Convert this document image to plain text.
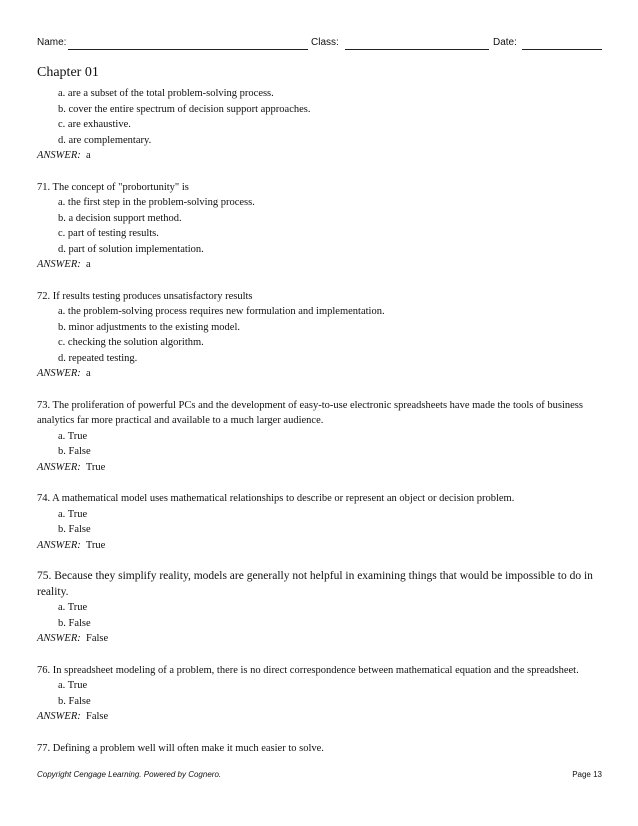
Name:	Class:	Date:
Chapter 01

a. are a subset of the total problem-solving process.

b. cover the entire spectrum of decision support approaches.

c. are exhaustive.

d. are complementary.

ANSWER: a

71. The concept of "probortunity" is

a. the first step in the problem-solving process.

b. a decision support method.

c. part of testing results.

d. part of solution implementation.

ANSWER: a

72. If results testing produces unsatisfactory results

a. the problem-solving process requires new formulation and implementation.

b. minor adjustments to the existing model.

c. checking the solution algorithm.

d. repeated testing.

ANSWER: a

73. The proliferation of powerful PCs and the development of easy-to-use electronic spreadsheets have made the tools of business analytics far more practical and available to a much larger audience.

a. True

b. False

ANSWER: True

74. A mathematical model uses mathematical relationships to describe or represent an object or decision problem.

a. True

b. False

ANSWER: True

75. Because they simplify reality, models are generally not helpful in examining things that would be impossible to do in reality.

a. True

b. False

ANSWER: False

76. In spreadsheet modeling of a problem, there is no direct correspondence between mathematical equation and the spreadsheet.

a. True

b. False

ANSWER: False

77. Defining a problem well will often make it much easier to solve.

Copyright Cengage Learning. Powered by Cognero.	Page 13
